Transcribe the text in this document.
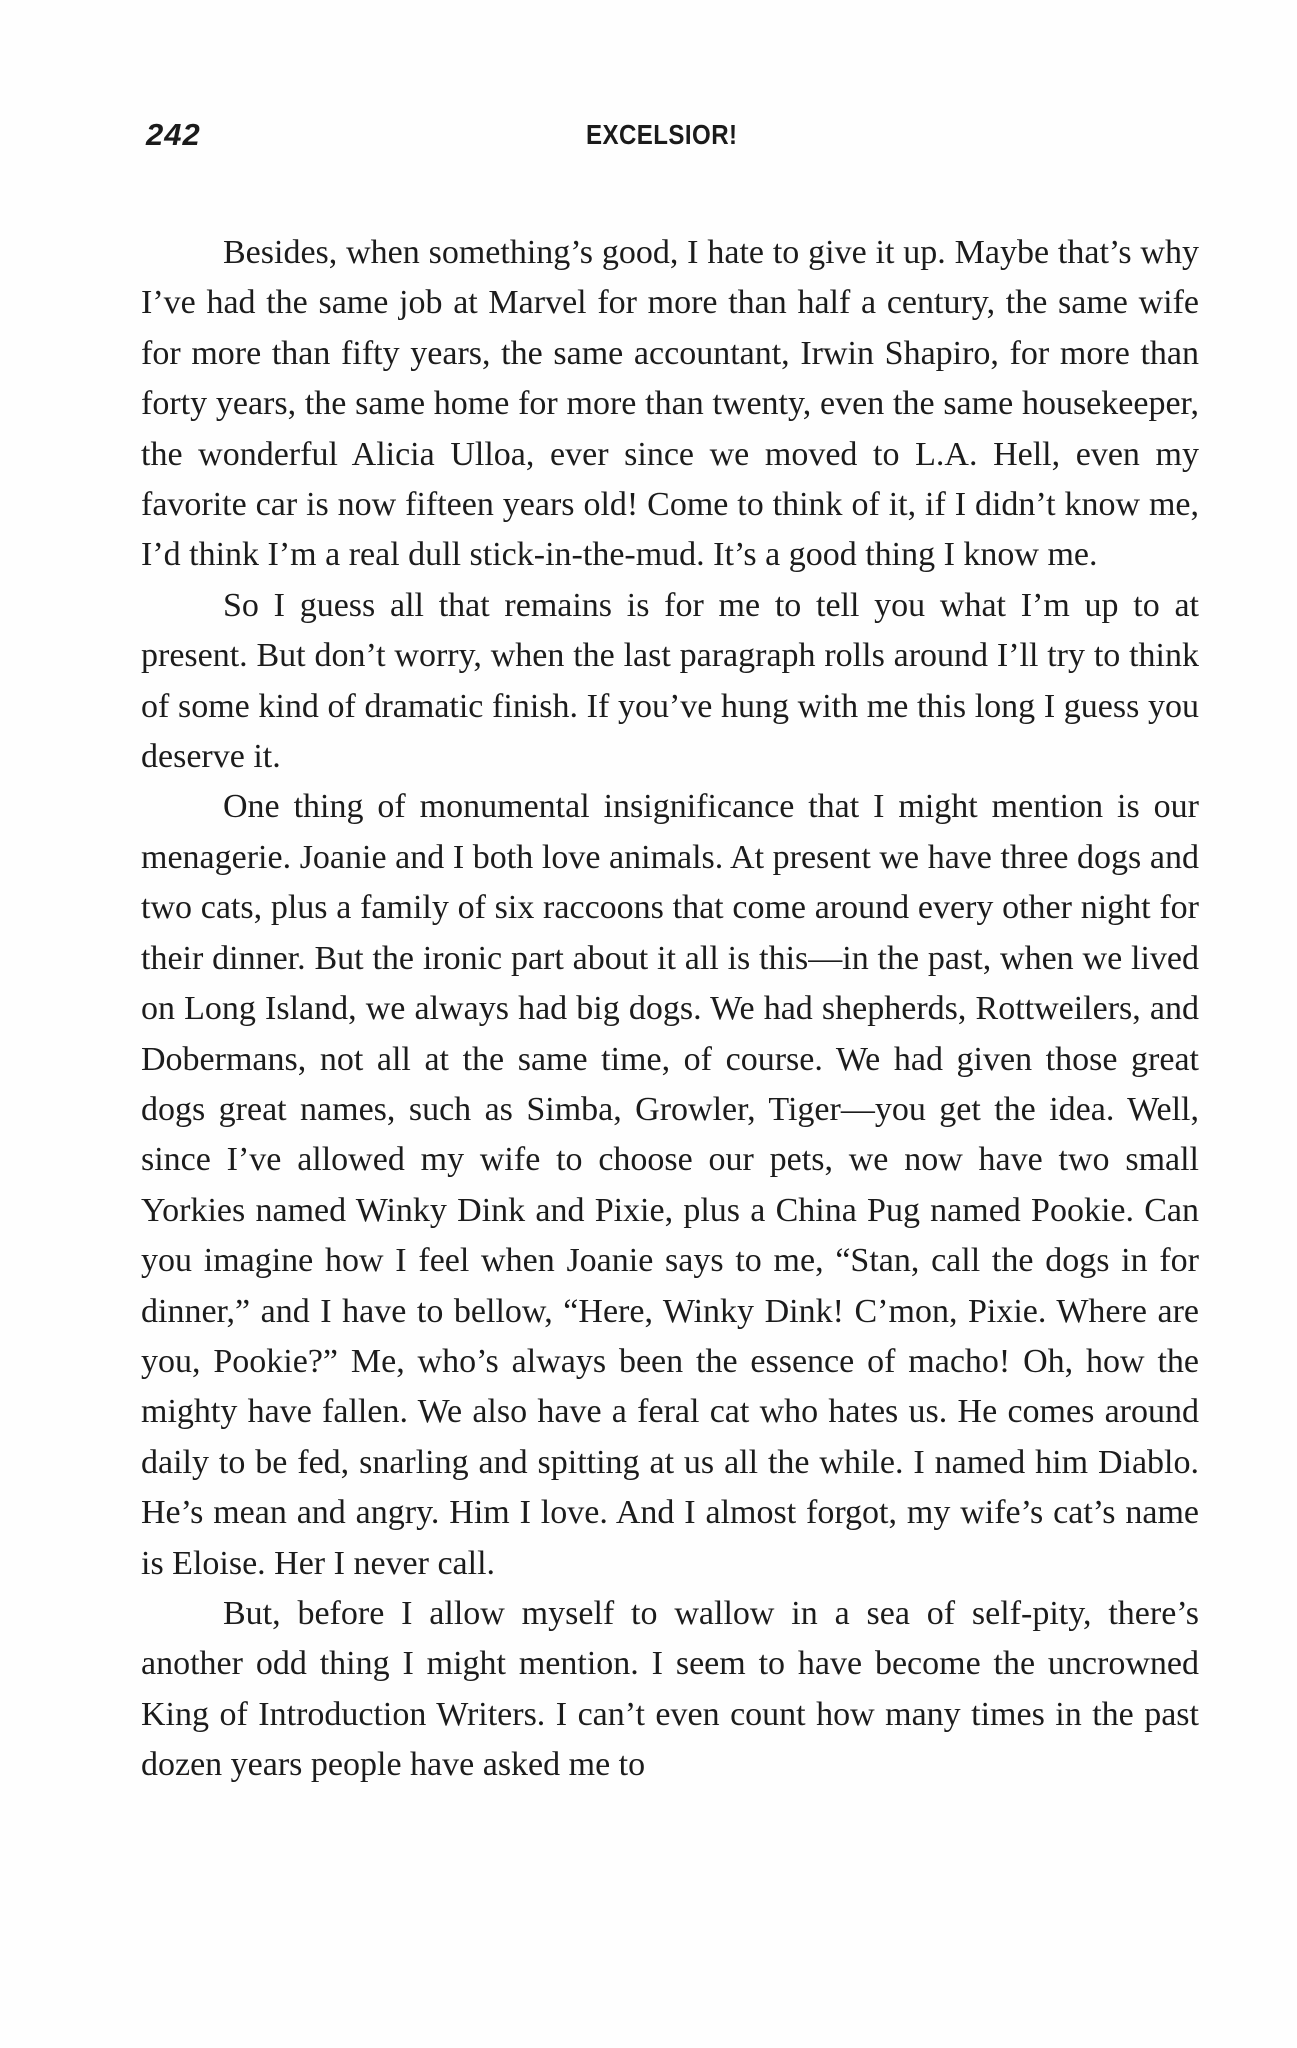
242	EXCELSIOR!

Besides, when something’s good, I hate to give it up. Maybe that’s why I’ve had the same job at Marvel for more than half a century, the same wife for more than fifty years, the same accountant, Irwin Shapiro, for more than forty years, the same home for more than twenty, even the same housekeeper, the wonderful Alicia Ulloa, ever since we moved to L.A. Hell, even my favorite car is now fifteen years old! Come to think of it, if I didn’t know me, I’d think I’m a real dull stick-in-the-mud. It’s a good thing I know me.

So I guess all that remains is for me to tell you what I’m up to at present. But don’t worry, when the last paragraph rolls around I’ll try to think of some kind of dramatic finish. If you’ve hung with me this long I guess you deserve it.

One thing of monumental insignificance that I might mention is our menagerie. Joanie and I both love animals. At present we have three dogs and two cats, plus a family of six raccoons that come around every other night for their dinner. But the ironic part about it all is this—in the past, when we lived on Long Island, we always had big dogs. We had shepherds, Rottweilers, and Dobermans, not all at the same time, of course. We had given those great dogs great names, such as Simba, Growler, Tiger—you get the idea. Well, since I’ve allowed my wife to choose our pets, we now have two small Yorkies named Winky Dink and Pixie, plus a China Pug named Pookie. Can you imagine how I feel when Joanie says to me, “Stan, call the dogs in for dinner,” and I have to bellow, “Here, Winky Dink! C’mon, Pixie. Where are you, Pookie?” Me, who’s always been the essence of macho! Oh, how the mighty have fallen. We also have a feral cat who hates us. He comes around daily to be fed, snarling and spitting at us all the while. I named him Diablo. He’s mean and angry. Him I love. And I almost forgot, my wife’s cat’s name is Eloise. Her I never call.

But, before I allow myself to wallow in a sea of self-pity, there’s another odd thing I might mention. I seem to have become the uncrowned King of Introduction Writers. I can’t even count how many times in the past dozen years people have asked me to
